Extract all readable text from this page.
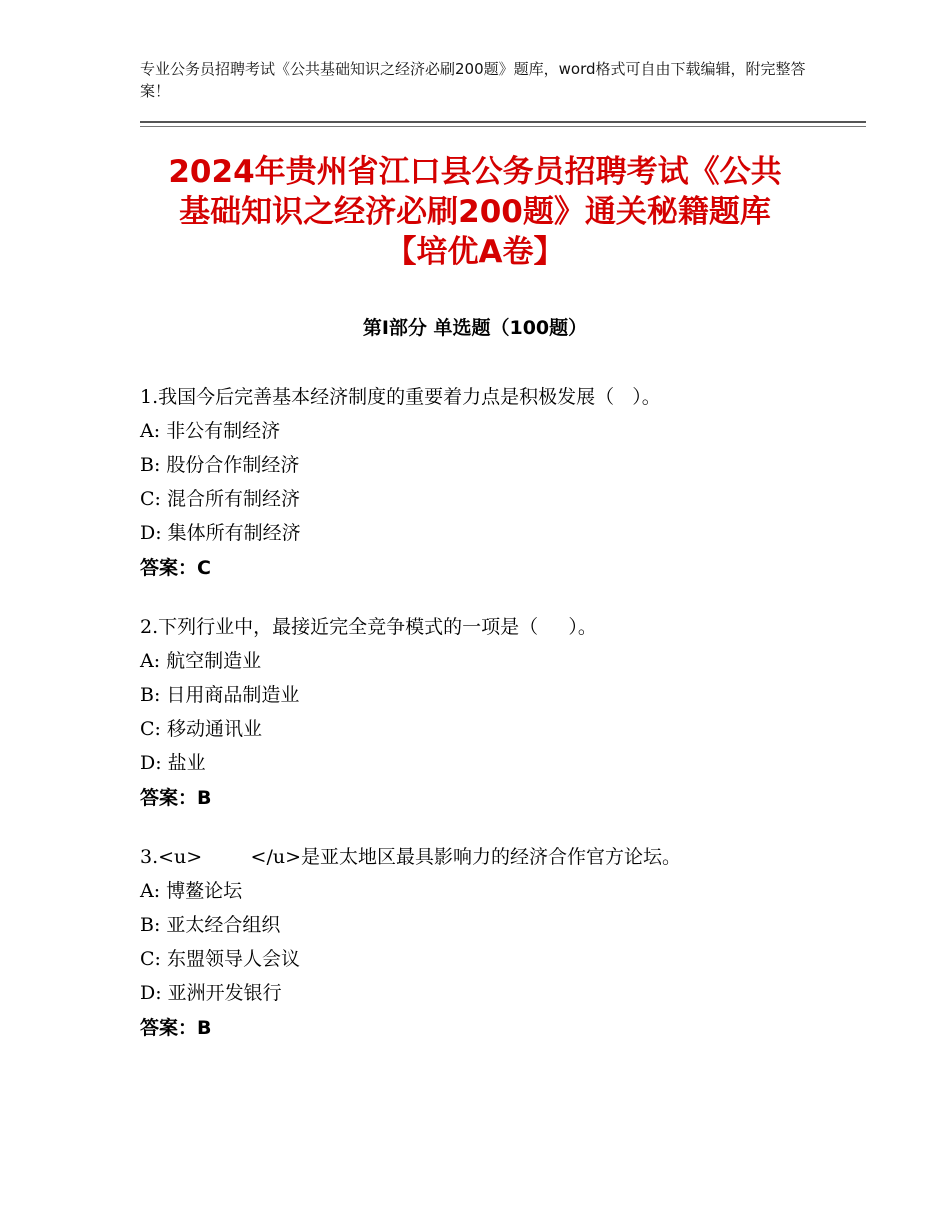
专业公务员招聘考试《公共基础知识之经济必刷200题》题库，word格式可自由下载编辑，附完整答案！
2024年贵州省江口县公务员招聘考试《公共
基础知识之经济必刷200题》通关秘籍题库
【培优A卷】
第Ⅰ部分 单选题（100题）
1.我国今后完善基本经济制度的重要着力点是积极发展（   ）。
A: 非公有制经济
B: 股份合作制经济
C: 混合所有制经济
D: 集体所有制经济
答案：C
2.下列行业中，最接近完全竞争模式的一项是（     ）。
A: 航空制造业
B: 日用商品制造业
C: 移动通讯业
D: 盐业
答案：B
3.<u>        </u>是亚太地区最具影响力的经济合作官方论坛。
A: 博鳌论坛
B: 亚太经合组织
C: 东盟领导人会议
D: 亚洲开发银行
答案：B
